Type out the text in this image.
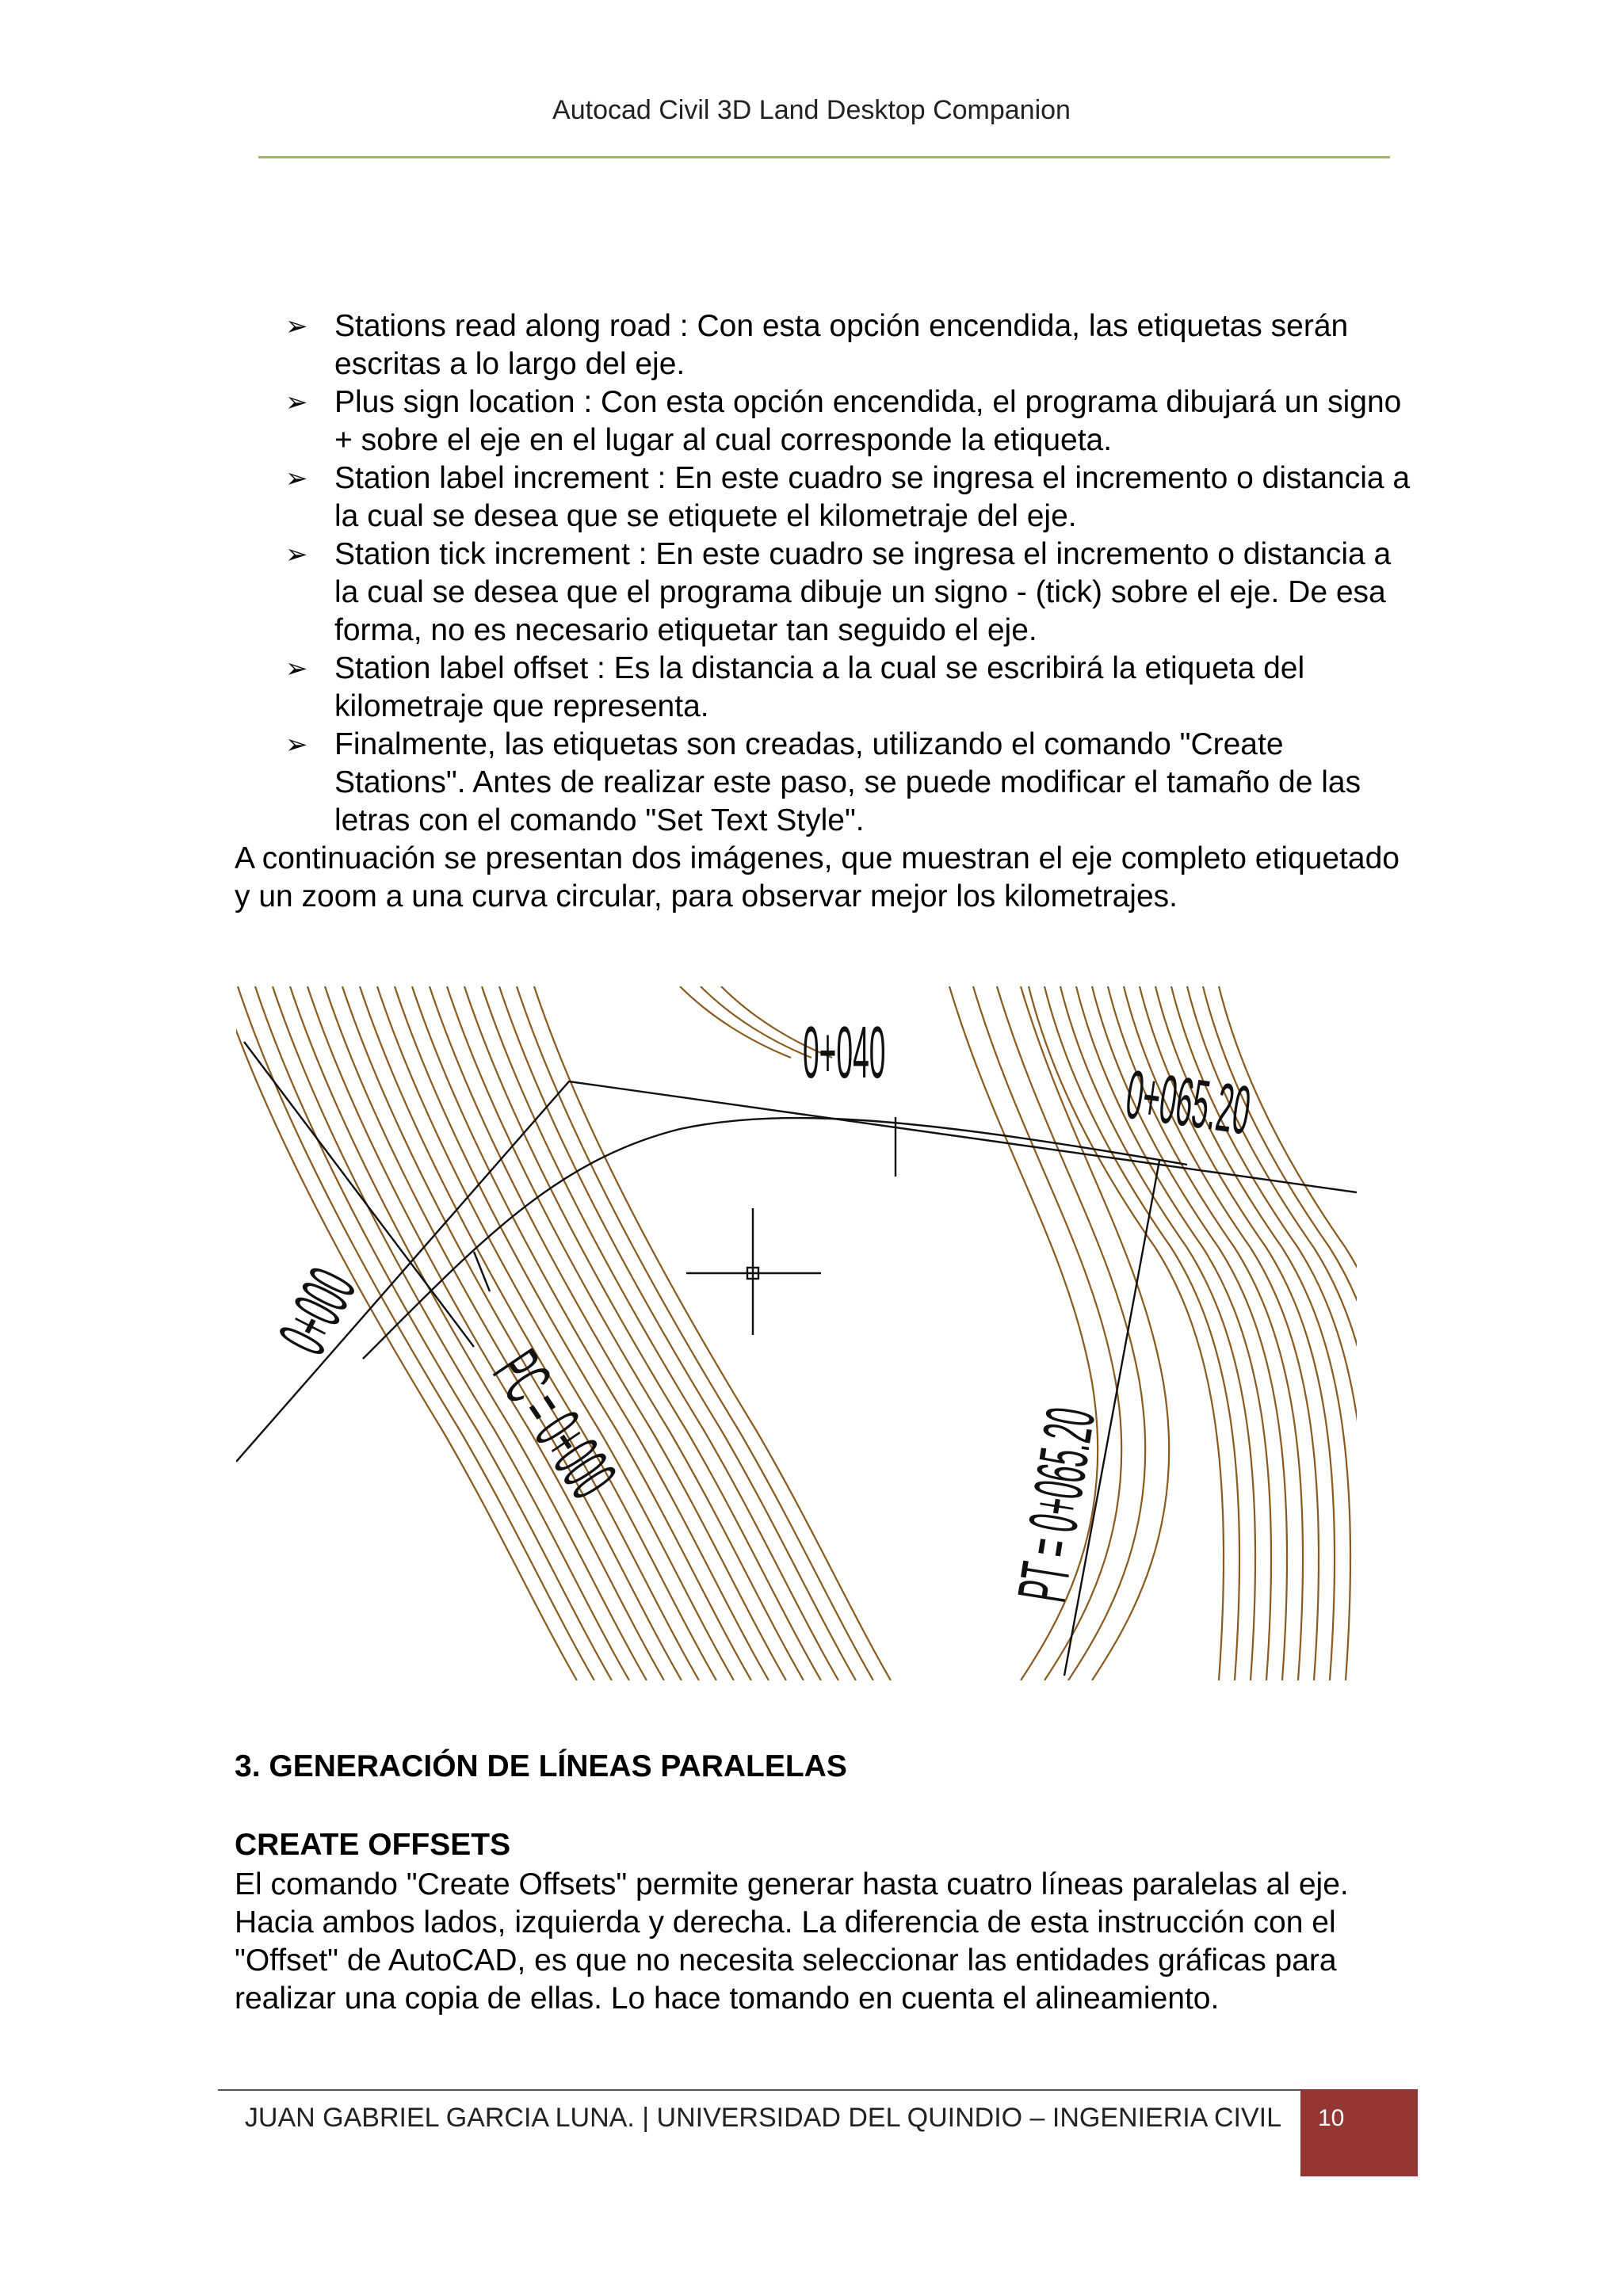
Autocad Civil 3D Land Desktop Companion
➢ Stations read along road : Con esta opción encendida, las etiquetas serán escritas a lo largo del eje.
➢ Plus sign location : Con esta opción encendida, el programa dibujará un signo + sobre el eje en el lugar al cual corresponde la etiqueta.
➢ Station label increment : En este cuadro se ingresa el incremento o distancia a la cual se desea que se etiquete el kilometraje del eje.
➢ Station tick increment : En este cuadro se ingresa el incremento o distancia a la cual se desea que el programa dibuje un signo - (tick) sobre el eje. De esa forma, no es necesario etiquetar tan seguido el eje.
➢ Station label offset : Es la distancia a la cual se escribirá la etiqueta del kilometraje que representa.
➢ Finalmente, las etiquetas son creadas, utilizando el comando "Create Stations". Antes de realizar este paso, se puede modificar el tamaño de las letras con el comando "Set Text Style".

A continuación se presentan dos imágenes, que muestran el eje completo etiquetado y un zoom a una curva circular, para observar mejor los kilometrajes.

0+000
0+040
0+065.20
PC = 0+000	PT = 0+065.20
3. GENERACIÓN DE LÍNEAS PARALELAS
CREATE OFFSETS

El comando "Create Offsets" permite generar hasta cuatro líneas paralelas al eje. Hacia ambos lados, izquierda y derecha. La diferencia de esta instrucción con el "Offset" de AutoCAD, es que no necesita seleccionar las entidades gráficas para realizar una copia de ellas. Lo hace tomando en cuenta el alineamiento.

JUAN GABRIEL GARCIA LUNA. | UNIVERSIDAD DEL QUINDIO – INGENIERIA CIVIL 10
